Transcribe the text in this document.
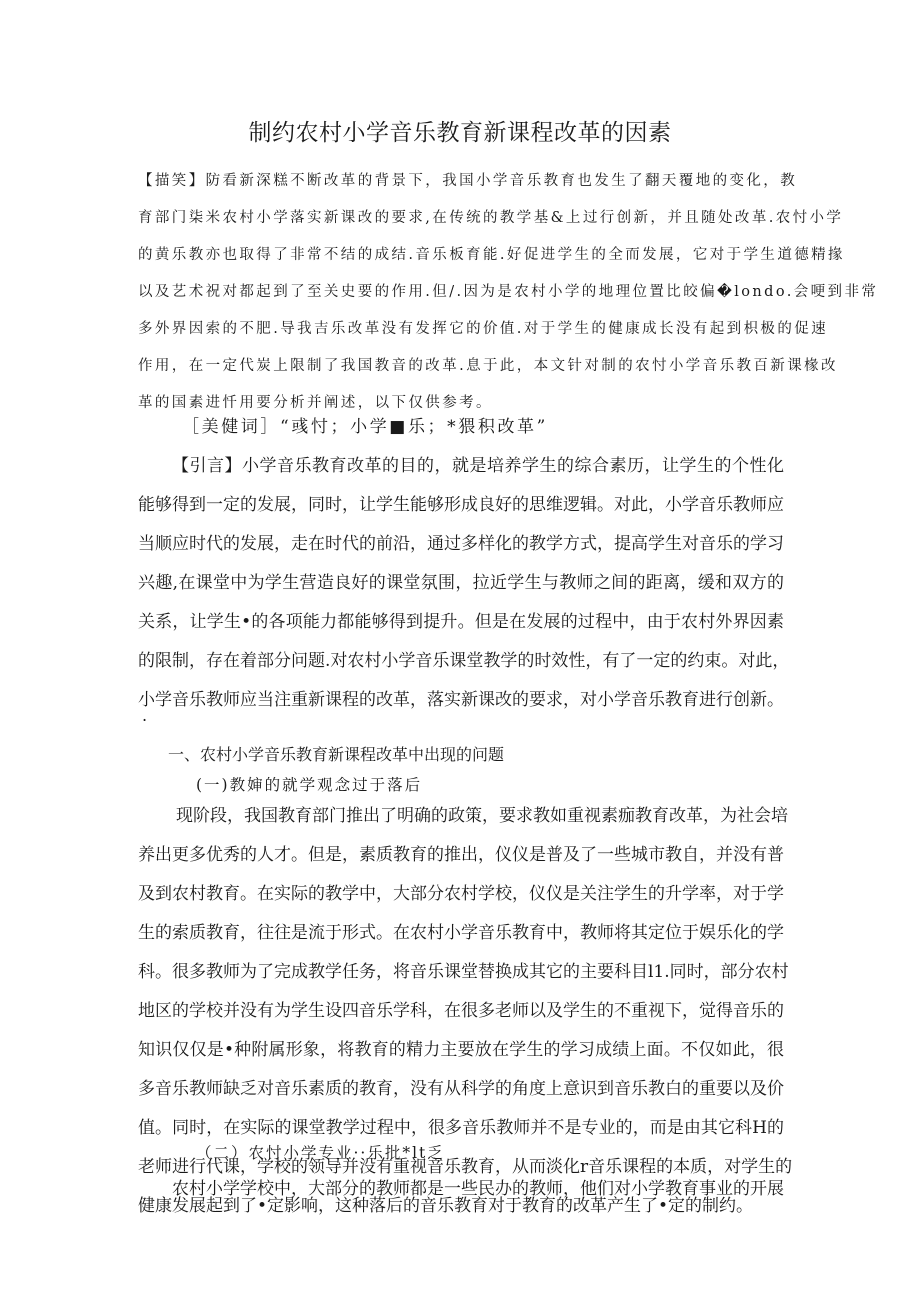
制约农村小学音乐教育新课程改革的因素
【描笑】防看新深糕不断改革的背景下，我国小学音乐教育也发生了翻天覆地的变化，教
育部门柒米农村小学落实新课改的要求,在传统的教学基&上过行创新，并且随处改革.农忖小学
的黄乐教亦也取得了非常不结的成结.音乐板育能.好促进学生的全而发展，它对于学生道德精掾
以及艺术祝对都起到了至关史要的作用.但/.因为是农村小学的地理位置比皎偏�londo.会哽到非常
多外界因索的不肥.导我吉乐改革没有发挥它的价值.对于学生的健康成长没有起到枳极的促速
作用，在一定代炭上限制了我国教音的改革.息于此，本文针对制的农忖小学音乐教百新课椽改
革的国素进忏用要分析并阐述，以下仅供参考。
［美健词］“彧忖；小学■乐；*猥积改革”
【引言】小学音乐教育改革的目的，就是培养学生的综合素历，让学生的个性化
能够得到一定的发展，同时，让学生能够形成良好的思维逻辑。对此，小学音乐教师应
当顺应时代的发展，走在时代的前沿，通过多样化的教学方式，提高学生对音乐的学习
兴趣,在课堂中为学生营造良好的课堂氛围，拉近学生与教师之间的距离，缓和双方的
关系，让学生•的各项能力都能够得到提升。但是在发展的过程中，由于农村外界因素
的限制，存在着部分问题.对农村小学音乐课堂教学的时效性，有了一定的约束。对此，
小学音乐教师应当注重新课程的改革，落实新课改的要求，对小学音乐教育进行创新。
.
一、农村小学音乐教育新课程改革中出现的问题
(一)教婶的就学观念过于落后
现阶段，我国教育部门推出了明确的政策，要求教如重视素痂教育改革，为社会培
养出更多优秀的人才。但是，素质教育的推出，仪仪是普及了一些城市教自，并没有普
及到农村教育。在实际的教学中，大部分农村学校，仪仪是关注学生的升学率，对于学
生的索质教育，往往是流于形式。在农村小学音乐教育中，教师将其定位于娱乐化的学
科。很多教师为了完成教学任务，将音乐课堂替换成其它的主要科目l1.同时，部分农村
地区的学校并没有为学生设四音乐学科，在很多老师以及学生的不重视下，觉得音乐的
知识仅仅是•种附属形象，将教育的精力主要放在学生的学习成绩上面。不仅如此，很
多音乐教师缺乏对音乐素质的教育，没有从科学的角度上意识到音乐教白的重要以及价
值。同时，在实际的课堂教学过程中，很多音乐教师并不是专业的，而是由其它科H的
老师进行代课，学校的领导并没有重视音乐教育，从而淡化r音乐课程的本质，对学生的
健康发展起到了•定影响，这种落后的音乐教育对于教育的改革产生了•定的制约。
（二）农忖小学专业··乐批*lt乏
农村小学学校中，大部分的教师都是一些民办的教师，他们对小学教育事业的开展
